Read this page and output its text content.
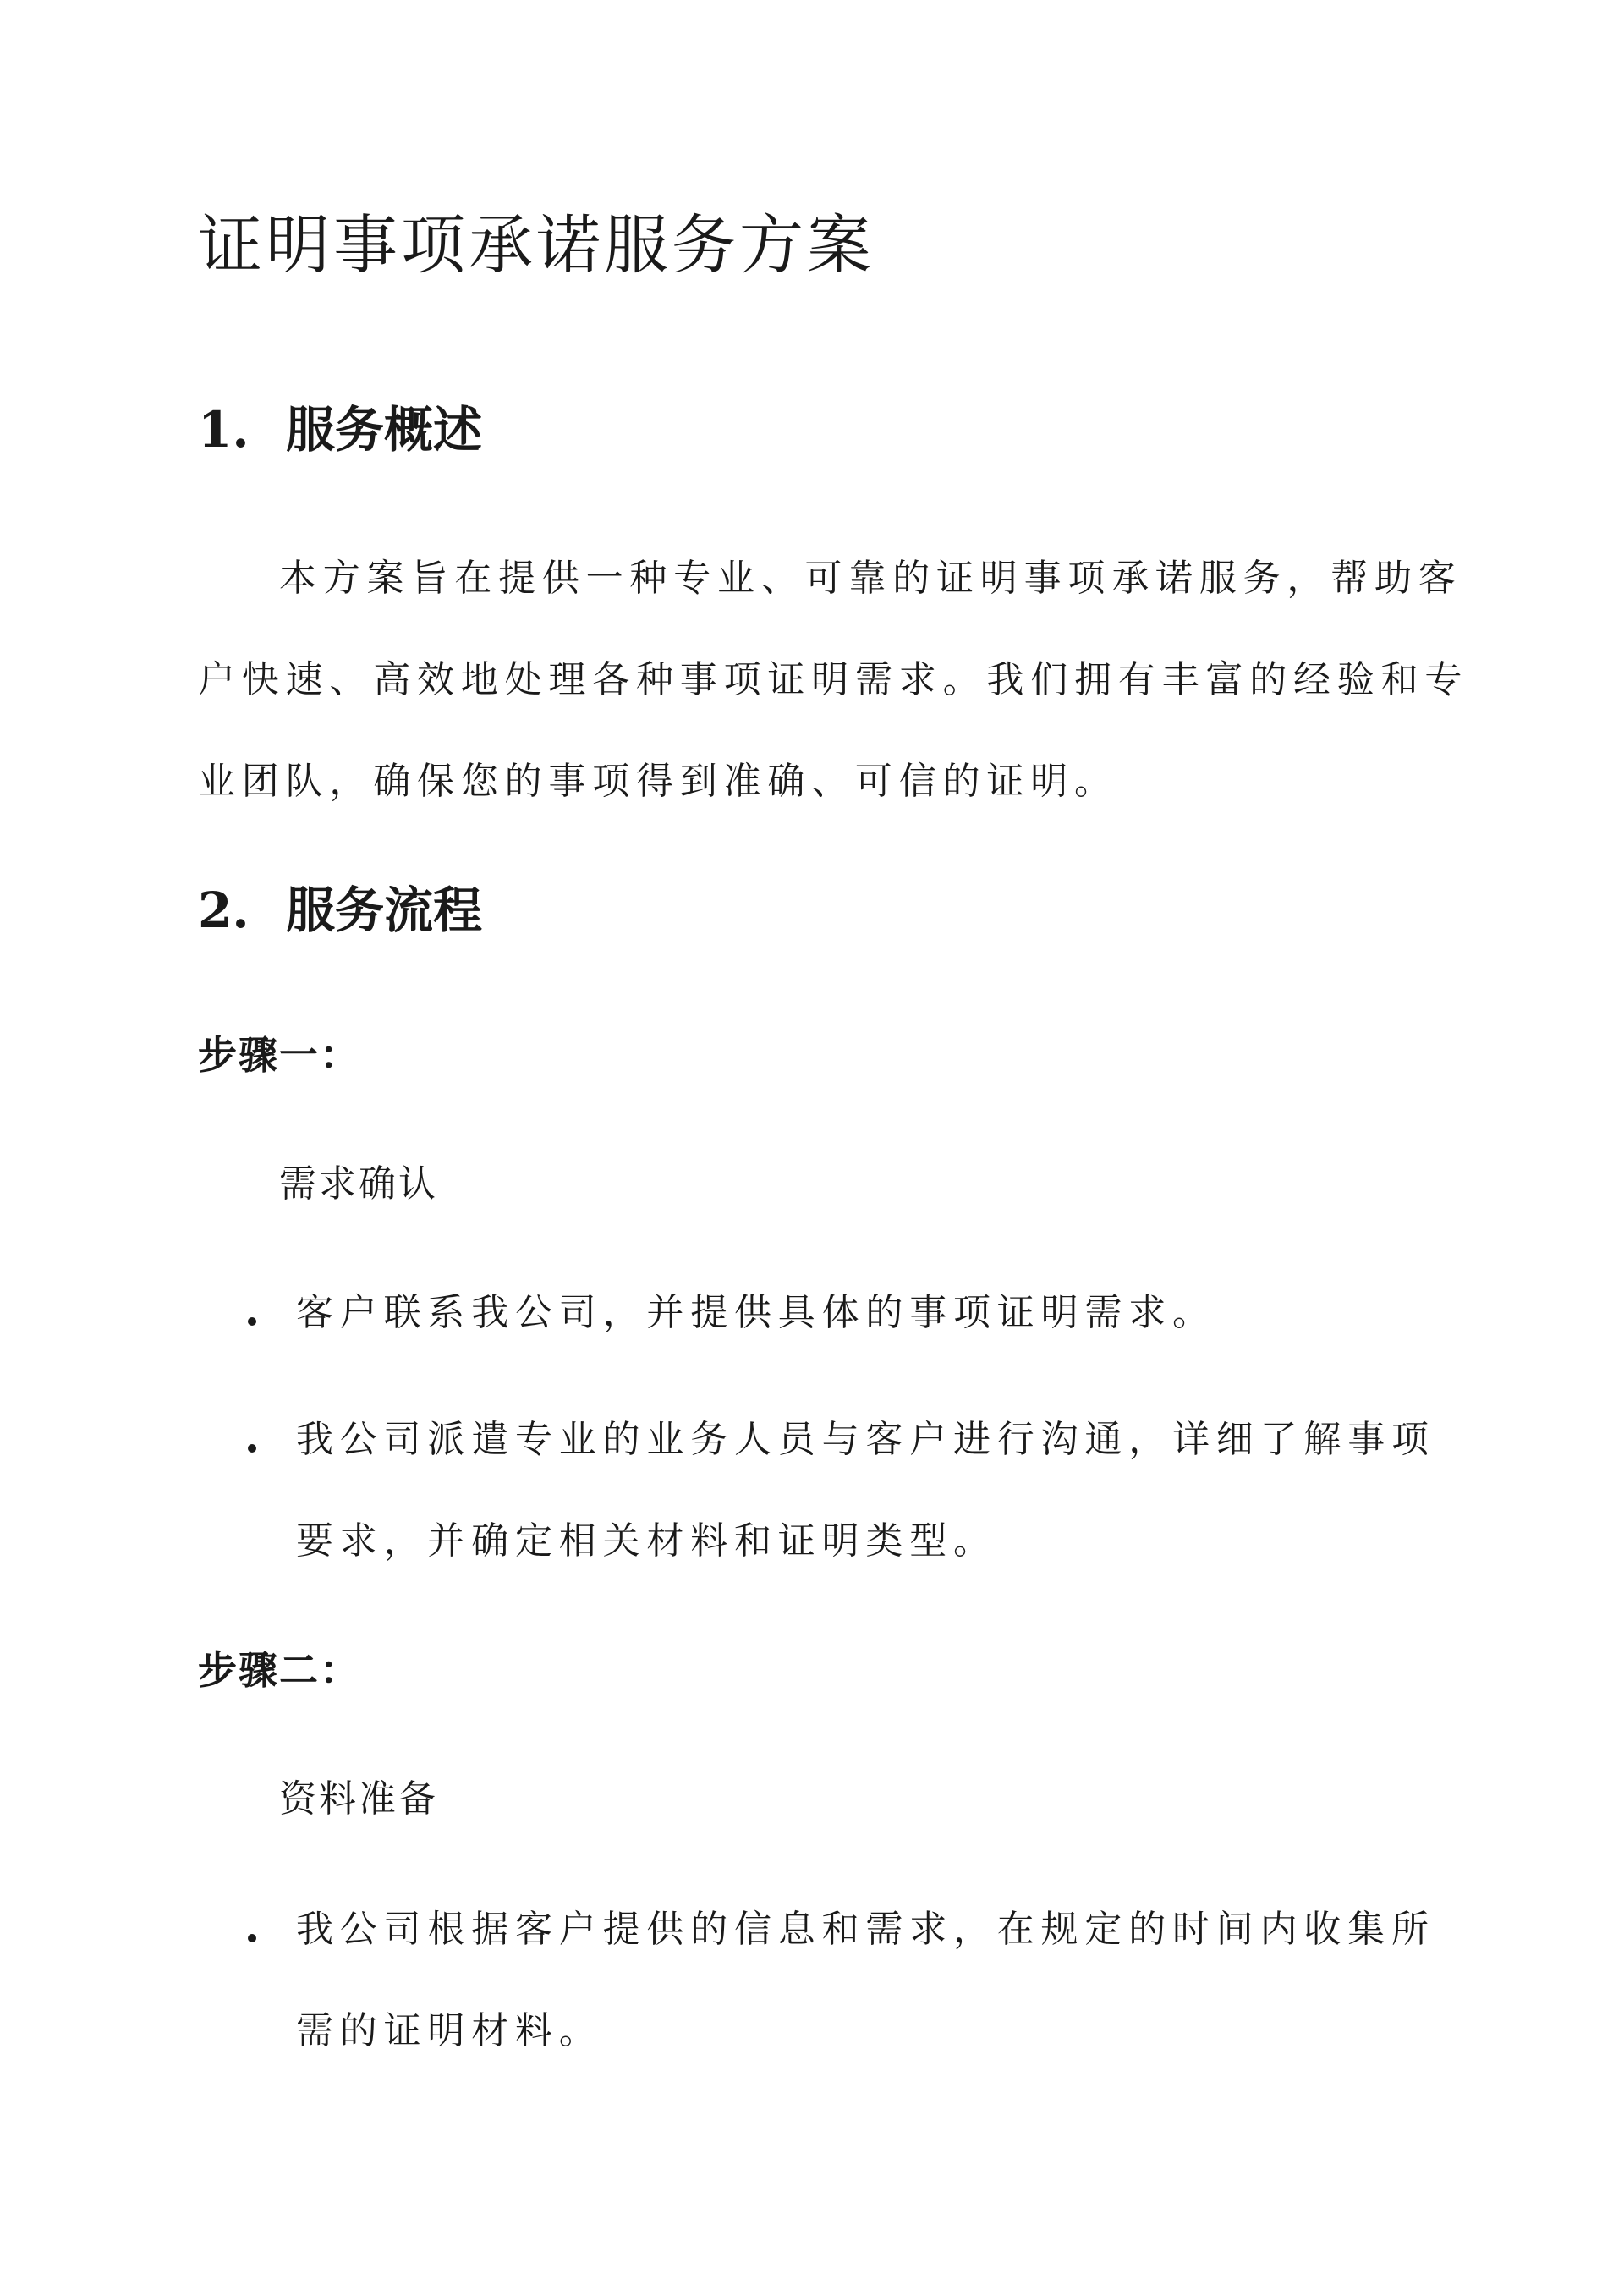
证明事项承诺服务方案
1. 服务概述

本方案旨在提供一种专业、可靠的证明事项承诺服务，帮助客

户快速、高效地处理各种事项证明需求。我们拥有丰富的经验和专

业团队，确保您的事项得到准确、可信的证明。

2. 服务流程

步骤一：

需求确认

客户联系我公司，并提供具体的事项证明需求。

我公司派遣专业的业务人员与客户进行沟通，详细了解事项

要求，并确定相关材料和证明类型。

步骤二：

资料准备

我公司根据客户提供的信息和需求，在规定的时间内收集所

需的证明材料。
